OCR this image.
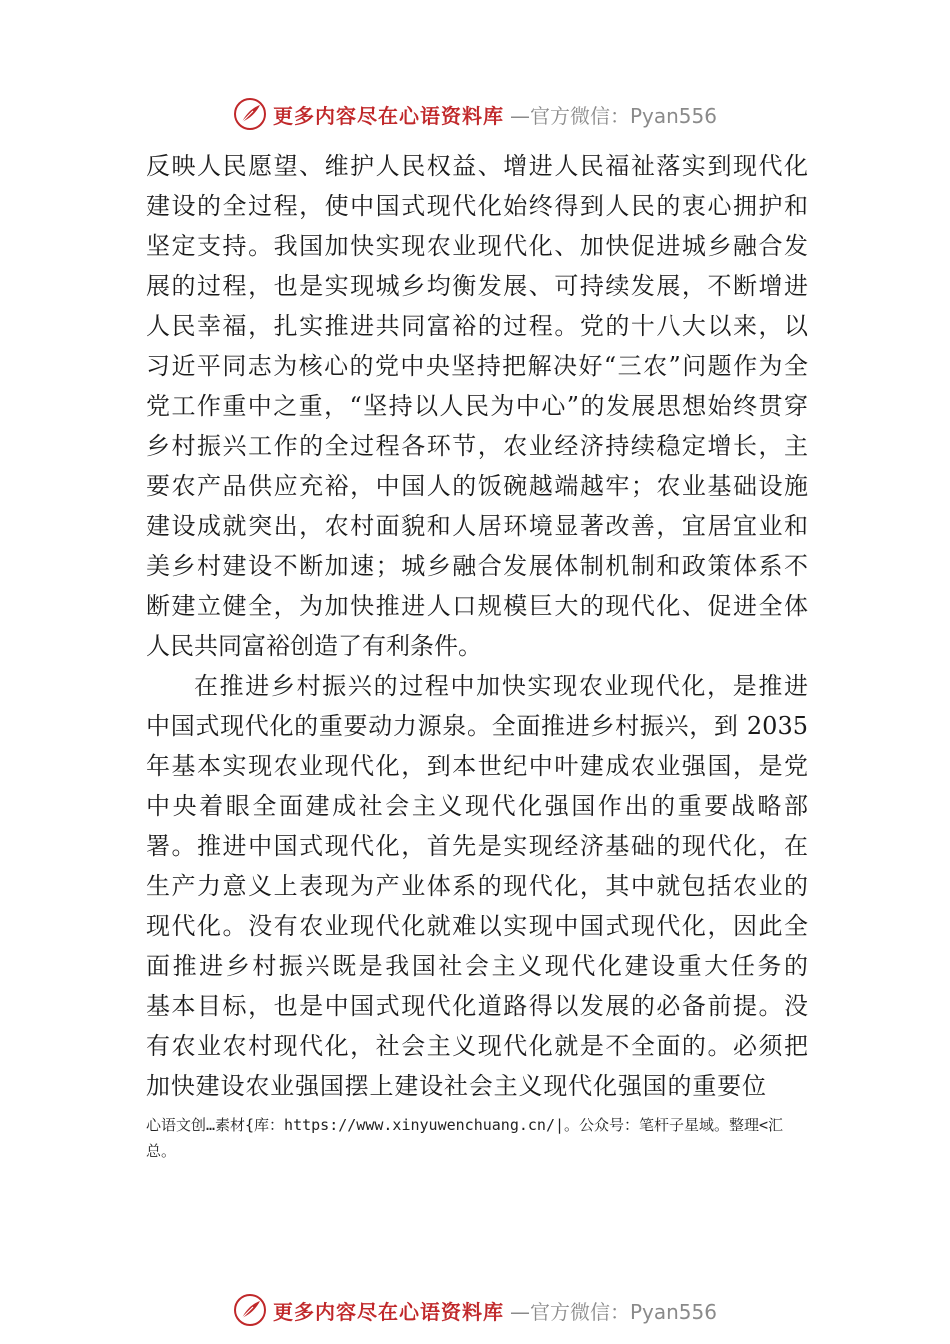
更多内容尽在心语资料库 —官方微信：Pyan556
反映人民愿望、维护人民权益、增进人民福祉落实到现代化
建设的全过程，使中国式现代化始终得到人民的衷心拥护和
坚定支持。我国加快实现农业现代化、加快促进城乡融合发
展的过程，也是实现城乡均衡发展、可持续发展，不断增进
人民幸福，扎实推进共同富裕的过程。党的十八大以来，以
习近平同志为核心的党中央坚持把解决好“三农”问题作为全
党工作重中之重，“坚持以人民为中心”的发展思想始终贯穿
乡村振兴工作的全过程各环节，农业经济持续稳定增长，主
要农产品供应充裕，中国人的饭碗越端越牢；农业基础设施
建设成就突出，农村面貌和人居环境显著改善，宜居宜业和
美乡村建设不断加速；城乡融合发展体制机制和政策体系不
断建立健全，为加快推进人口规模巨大的现代化、促进全体
人民共同富裕创造了有利条件。
在推进乡村振兴的过程中加快实现农业现代化，是推进
中国式现代化的重要动力源泉。全面推进乡村振兴，到 2035
年基本实现农业现代化，到本世纪中叶建成农业强国，是党
中央着眼全面建成社会主义现代化强国作出的重要战略部
署。推进中国式现代化，首先是实现经济基础的现代化，在
生产力意义上表现为产业体系的现代化，其中就包括农业的
现代化。没有农业现代化就难以实现中国式现代化，因此全
面推进乡村振兴既是我国社会主义现代化建设重大任务的
基本目标，也是中国式现代化道路得以发展的必备前提。没
有农业农村现代化，社会主义现代化就是不全面的。必须把
加快建设农业强国摆上建设社会主义现代化强国的重要位
心语文创…素材{库：https://www.xinyuwenchuang.cn/|。公众号：笔杆子星域。整理<汇
总。
更多内容尽在心语资料库 —官方微信：Pyan556
